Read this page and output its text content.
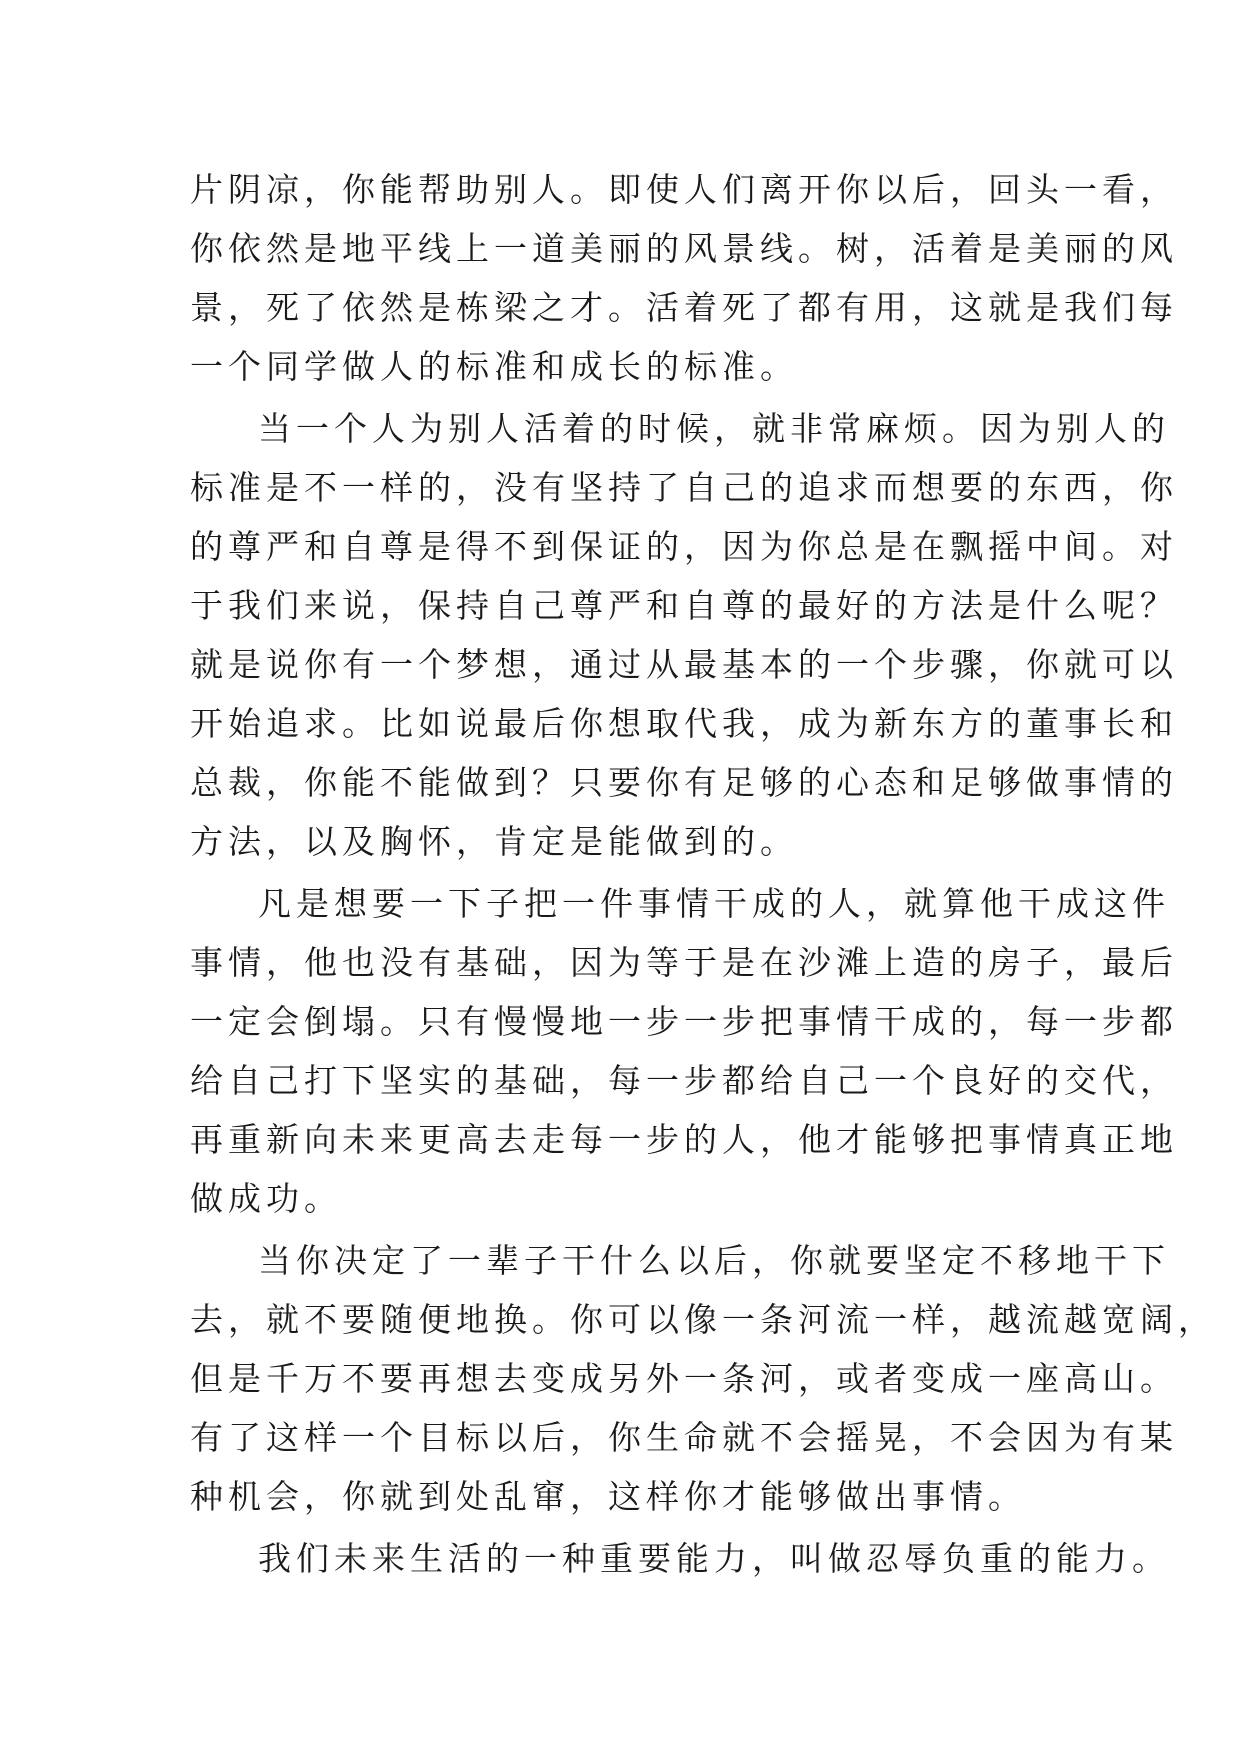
片阴凉，你能帮助别人。即使人们离开你以后，回头一看，
你依然是地平线上一道美丽的风景线。树，活着是美丽的风
景，死了依然是栋梁之才。活着死了都有用，这就是我们每
一个同学做人的标准和成长的标准。
当一个人为别人活着的时候，就非常麻烦。因为别人的
标准是不一样的，没有坚持了自己的追求而想要的东西，你
的尊严和自尊是得不到保证的，因为你总是在飘摇中间。对
于我们来说，保持自己尊严和自尊的最好的方法是什么呢？
就是说你有一个梦想，通过从最基本的一个步骤，你就可以
开始追求。比如说最后你想取代我，成为新东方的董事长和
总裁，你能不能做到？只要你有足够的心态和足够做事情的
方法，以及胸怀，肯定是能做到的。
凡是想要一下子把一件事情干成的人，就算他干成这件
事情，他也没有基础，因为等于是在沙滩上造的房子，最后
一定会倒塌。只有慢慢地一步一步把事情干成的，每一步都
给自己打下坚实的基础，每一步都给自己一个良好的交代，
再重新向未来更高去走每一步的人，他才能够把事情真正地
做成功。
当你决定了一辈子干什么以后，你就要坚定不移地干下
去，就不要随便地换。你可以像一条河流一样，越流越宽阔，
但是千万不要再想去变成另外一条河，或者变成一座高山。
有了这样一个目标以后，你生命就不会摇晃，不会因为有某
种机会，你就到处乱窜，这样你才能够做出事情。
我们未来生活的一种重要能力，叫做忍辱负重的能力。
